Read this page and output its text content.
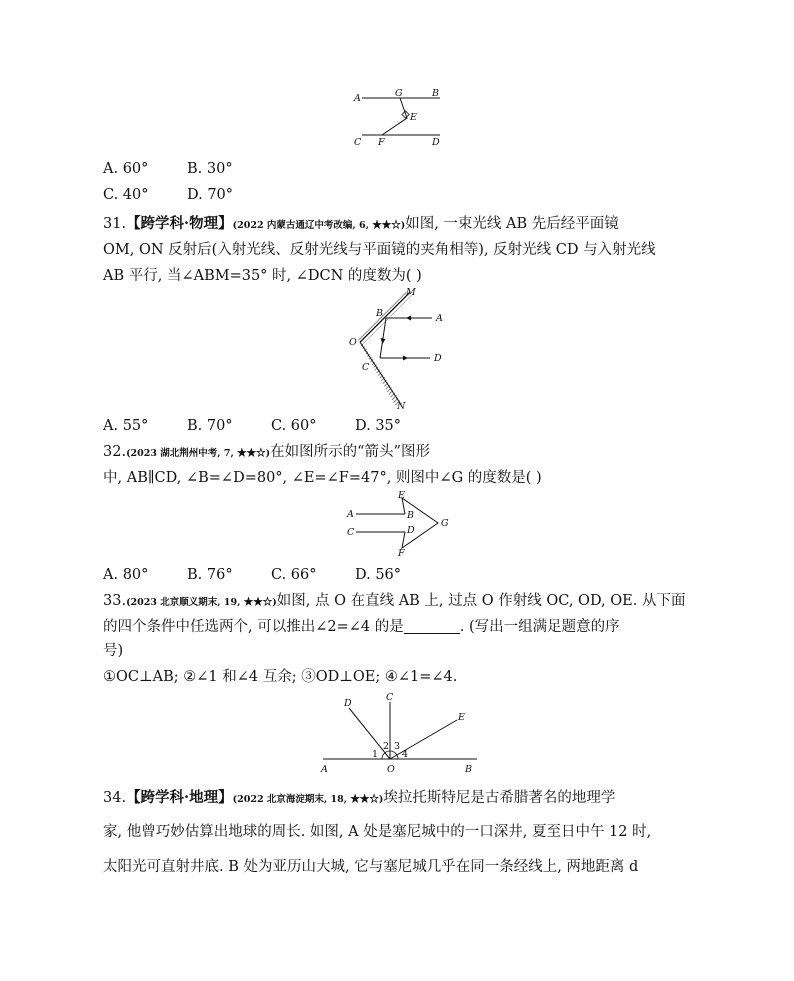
A	G	B
E
C F	D
A. 60°	B. 30°
C. 40°	D. 70°
31.【跨学科·物理】(2022 内蒙古通辽中考改编, 6, ★★☆)如图, 一束光线 AB 先后经平面镜
OM, ON 反射后(入射光线、反射光线与平面镜的夹角相等), 反射光线 CD 与入射光线
AB 平行, 当∠ABM=35° 时, ∠DCN 的度数为( )
M
B	A
O
D
C
N
A. 55°	B. 70°	C. 60°	D. 35°
32.(2023 湖北荆州中考, 7, ★★☆)在如图所示的“箭头”图形
中, AB∥CD, ∠B=∠D=80°, ∠E=∠F=47°, 则图中∠G 的度数是( )
E
A	B
G
D
C
F
A. 80°	B. 76°	C. 66°	D. 56°
33.(2023 北京顺义期末, 19, ★★☆)如图, 点 O 在直线 AB 上, 过点 O 作射线 OC, OD, OE. 从下面
的四个条件中任选两个, 可以推出∠2=∠4 的是	. (写出一组满足题意的序
号)
①OC⊥AB; ②∠1 和∠4 互余; ③OD⊥OE; ④∠1=∠4.
D
C
E
A	O	B
1
2 3
4
34.【跨学科·地理】(2022 北京海淀期末, 18, ★★☆)埃拉托斯特尼是古希腊著名的地理学
家, 他曾巧妙估算出地球的周长. 如图, A 处是塞尼城中的一口深井, 夏至日中午 12 时,
太阳光可直射井底. B 处为亚历山大城, 它与塞尼城几乎在同一条经线上, 两地距离 d
